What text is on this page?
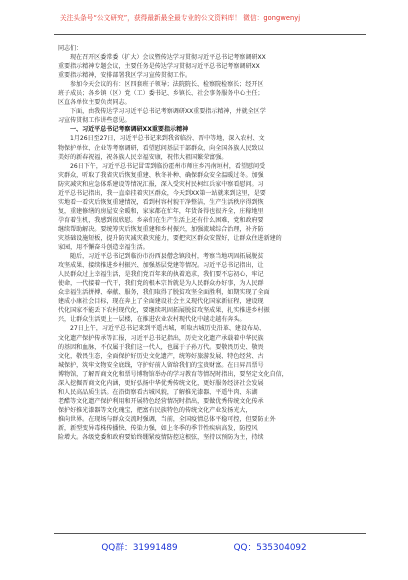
关注头条号“公文研究”，获得最新最全最专业的公文资料库！ 微信：gongwenyj
同志们：
现在召开区委常委（扩大）会议暨传达学习贯彻习近平总书记考察调研XX
重要指示精神专题会议，主要任务是传达学习贯彻习近平总书记考察调研XX
重要指示精神，安排部署我区学习宣传贯彻工作。
参加今天会议的有：区四套班子领导；法院院长、检察院检察长；经开区
班子成员；各乡镇（区）党（工）委书记、乡镇长、社会事务服务中心主任；
区直各单位主要负责同志。
下面，由我传达学习习近平总书记考察调研XX重要指示精神，并就全区学
习宣传贯彻工作讲些意见。
一、习近平总书记考察调研XX重要指示精神
1月26日至27日，习近平总书记来到我省临汾、晋中等地，深入农村、文
物保护单位、企业等考察调研，看望慰问基层干部群众，向全国各族人民致以
美好的新春祝福，祝各族人民幸福安康，祝伟大祖国繁荣富强。
26日下午，习近平总书记冒雪到临汾霍州市师庄乡冯南垣村，看望慰问受
灾群众，听取了我省灾后恢复重建、秋冬补种、确保群众安全温暖过冬。加强
防灾减灾和应急体系建设等情况汇报，深入受灾村民柯红兵家中察看慰问。习
近平总书记指出，我一直牵挂着灾区群众，今天到XX第一站就来到这里，是要
实地看一看灾后恢复重建情况，看到村容村貌干净整洁，生产生活秩序得到恢
复，重建修缮的房屋安全暖和，家家都在忙年，年货备得也很齐全，庄稼地里
孕育着生机，我感到很欣慰。乡亲们在生产生活上还有什么困难，党和政府要
继续帮助解决。要统筹灾后恢复重建和乡村振兴，加强流域综合治理，补齐防
灾基础设施短板，提升防灾减灾救灾能力，要把灾区群众安置好，让群众住进新建的
家园，用不懈奋斗创造幸福生活。
随后，习近平总书记到临汾市汾西县僧念镇段村，考察当地巩固拓展脱贫
攻坚成果、接续推进乡村振兴、加强基层党建等情况。习近平总书记指出，让
人民群众过上幸福生活，是我们党百年来的执着追求，我们要不忘初心，牢记
使命，一代接着一代干，我们党的根本宗旨就是为人民群众办好事，为人民群
众幸福生活拼搏、奉献、服务，我们取得了脱贫攻坚全面胜利，如期实现了全面
建成小康社会目标，现在奔上了全面建设社会主义现代化国家新征程，建设现
代化国家不能丢下农村现代化，要继续巩固拓展脱贫攻坚成果，扎实推进乡村振
兴，让群众生活更上一层楼，在推进农业农村现代化中越走越有奔头。
27日上午，习近平总书记来到平遥古城，听取古城历史沿革、建设布局、
文化遗产保护传承等汇报，习近平总书记指出，历史文化遗产承载着中华民族
的基因和血脉，不仅属于我们这一代人，也属于子孙万代。要敬畏历史、敬畏
文化，敬畏生态，全面保护好历史文化遗产，统筹好旅游发展、特色经营、古
城保护，筑牢文物安全底线，守护好前人留给我们的宝贵财富。在日昇昌票号
博物馆，了解晋商文化和票号博物馆举办的学习教育等情况时指出，要坚定文化自信，
深入挖掘晋商文化内涵，更好弘扬中华优秀传统文化，更好服务经济社会发展
和人民高品质生活。在沿街察看古城风貌，了解推光漆器、平遥牛肉、东湖
老醋等文化遗产保护利用和开展特色经营情况时指出，要做优秀传统文化传承
保护好推光漆器等文化瑰宝，把富有民族特色的传统文化产业发扬光大，
推向世界。在现场与群众交流时强调，当前，全国疫情总体平稳可控，但要防止外
新，新型变异毒株传播快、传染力强，如上冬季的季节性疾病高发，防控风
险增大。各级党委和政府要始终绷紧疫情防控这根弦，坚持以预防为主，持续
QQ群：31991489	QQ：535304092
